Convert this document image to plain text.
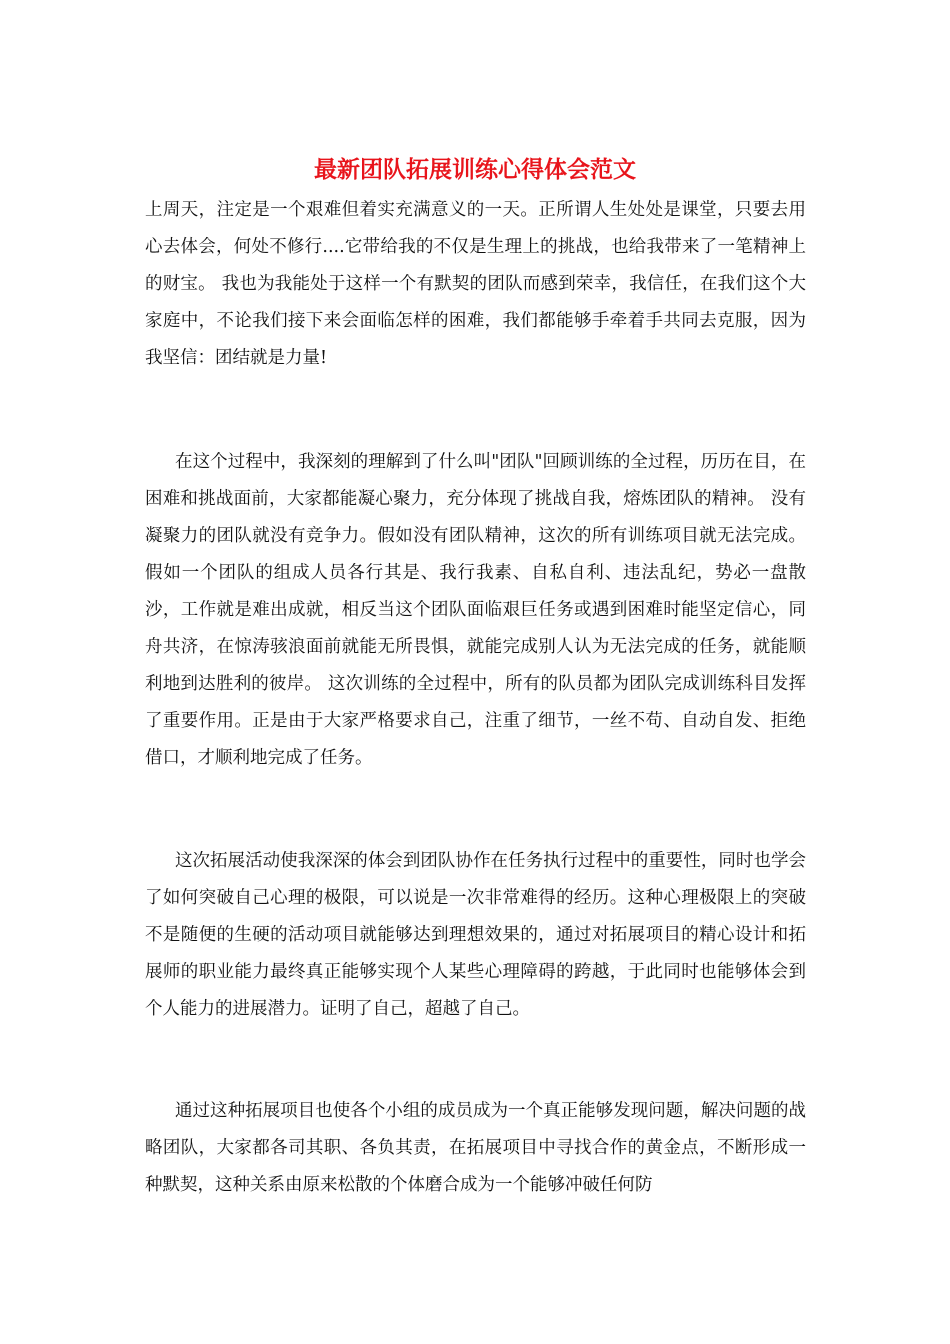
最新团队拓展训练心得体会范文

上周天，注定是一个艰难但着实充满意义的一天。正所谓人生处处是课堂，只要去用心去体会，何处不修行....它带给我的不仅是生理上的挑战，也给我带来了一笔精神上的财宝。 我也为我能处于这样一个有默契的团队而感到荣幸，我信任，在我们这个大家庭中，不论我们接下来会面临怎样的困难，我们都能够手牵着手共同去克服，因为我坚信：团结就是力量!

在这个过程中，我深刻的理解到了什么叫"团队"回顾训练的全过程，历历在目，在困难和挑战面前，大家都能凝心聚力，充分体现了挑战自我，熔炼团队的精神。 没有凝聚力的团队就没有竞争力。假如没有团队精神，这次的所有训练项目就无法完成。假如一个团队的组成人员各行其是、我行我素、自私自利、违法乱纪，势必一盘散沙，工作就是难出成就，相反当这个团队面临艰巨任务或遇到困难时能坚定信心，同舟共济，在惊涛骇浪面前就能无所畏惧，就能完成别人认为无法完成的任务，就能顺利地到达胜利的彼岸。 这次训练的全过程中，所有的队员都为团队完成训练科目发挥了重要作用。正是由于大家严格要求自己，注重了细节，一丝不苟、自动自发、拒绝借口，才顺利地完成了任务。

这次拓展活动使我深深的体会到团队协作在任务执行过程中的重要性，同时也学会了如何突破自己心理的极限，可以说是一次非常难得的经历。这种心理极限上的突破不是随便的生硬的活动项目就能够达到理想效果的，通过对拓展项目的精心设计和拓展师的职业能力最终真正能够实现个人某些心理障碍的跨越，于此同时也能够体会到个人能力的进展潜力。证明了自己，超越了自己。

通过这种拓展项目也使各个小组的成员成为一个真正能够发现问题，解决问题的战略团队，大家都各司其职、各负其责，在拓展项目中寻找合作的黄金点，不断形成一种默契，这种关系由原来松散的个体磨合成为一个能够冲破任何防
